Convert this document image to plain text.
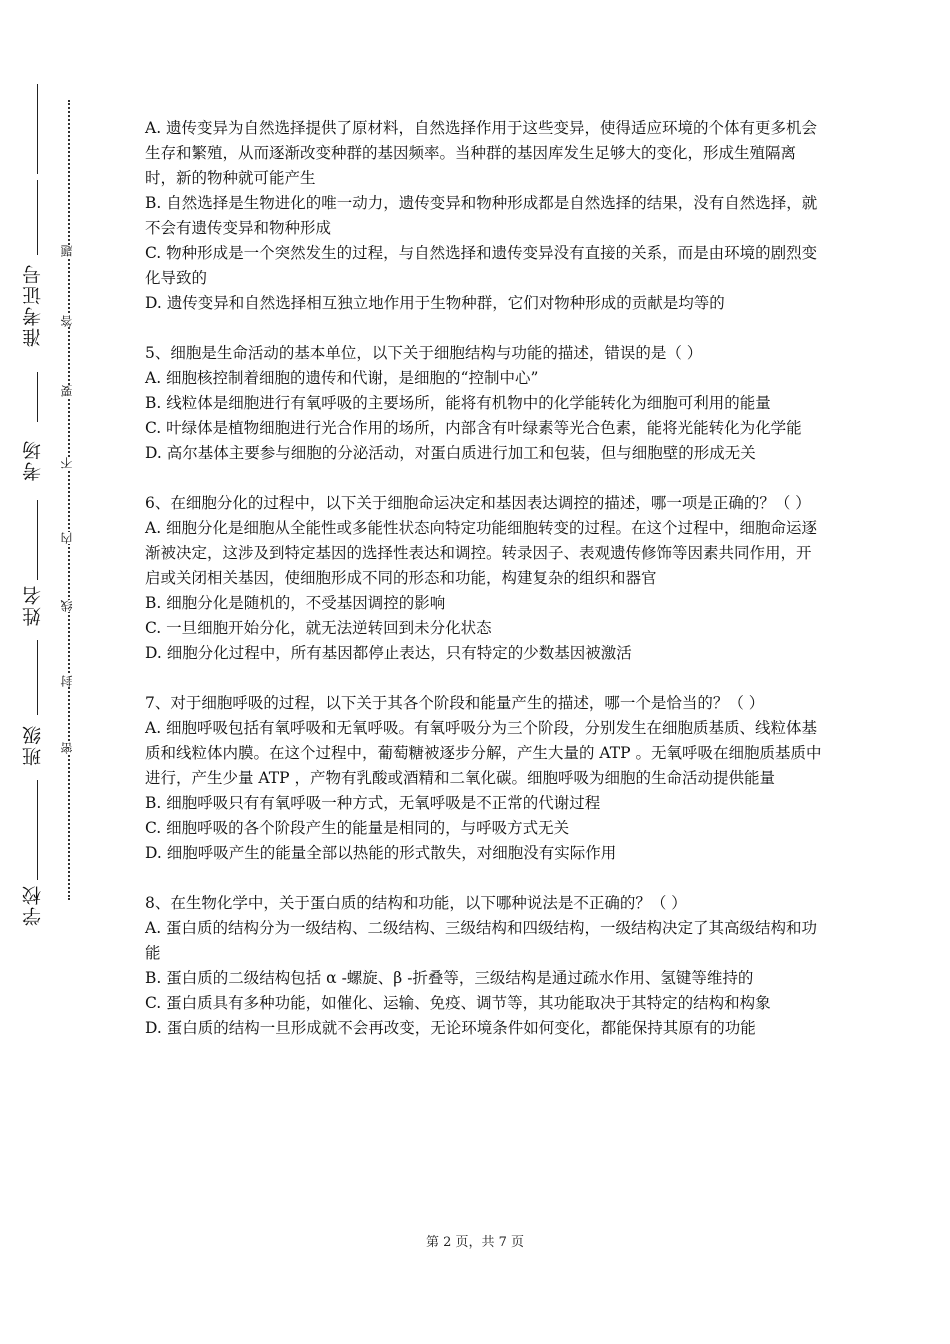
准考证号
考场
姓名
班级
学校
密
封
线
内
不
要
答
题

A. 遗传变异为自然选择提供了原材料，自然选择作用于这些变异，使得适应环境的个体有更多机会生存和繁殖，从而逐渐改变种群的基因频率。当种群的基因库发生足够大的变化，形成生殖隔离时，新的物种就可能产生

B. 自然选择是生物进化的唯一动力，遗传变异和物种形成都是自然选择的结果，没有自然选择，就不会有遗传变异和物种形成

C. 物种形成是一个突然发生的过程，与自然选择和遗传变异没有直接的关系，而是由环境的剧烈变化导致的

D. 遗传变异和自然选择相互独立地作用于生物种群，它们对物种形成的贡献是均等的

5、细胞是生命活动的基本单位，以下关于细胞结构与功能的描述，错误的是（ ）

A. 细胞核控制着细胞的遗传和代谢，是细胞的“控制中心”

B. 线粒体是细胞进行有氧呼吸的主要场所，能将有机物中的化学能转化为细胞可利用的能量

C. 叶绿体是植物细胞进行光合作用的场所，内部含有叶绿素等光合色素，能将光能转化为化学能

D. 高尔基体主要参与细胞的分泌活动，对蛋白质进行加工和包装，但与细胞壁的形成无关

6、在细胞分化的过程中，以下关于细胞命运决定和基因表达调控的描述，哪一项是正确的？（ ）

A. 细胞分化是细胞从全能性或多能性状态向特定功能细胞转变的过程。在这个过程中，细胞命运逐渐被决定，这涉及到特定基因的选择性表达和调控。转录因子、表观遗传修饰等因素共同作用，开启或关闭相关基因，使细胞形成不同的形态和功能，构建复杂的组织和器官

B. 细胞分化是随机的，不受基因调控的影响

C. 一旦细胞开始分化，就无法逆转回到未分化状态

D. 细胞分化过程中，所有基因都停止表达，只有特定的少数基因被激活

7、对于细胞呼吸的过程，以下关于其各个阶段和能量产生的描述，哪一个是恰当的？（ ）

A. 细胞呼吸包括有氧呼吸和无氧呼吸。有氧呼吸分为三个阶段，分别发生在细胞质基质、线粒体基质和线粒体内膜。在这个过程中，葡萄糖被逐步分解，产生大量的 ATP 。无氧呼吸在细胞质基质中进行，产生少量 ATP ，产物有乳酸或酒精和二氧化碳。细胞呼吸为细胞的生命活动提供能量

B. 细胞呼吸只有有氧呼吸一种方式，无氧呼吸是不正常的代谢过程

C. 细胞呼吸的各个阶段产生的能量是相同的，与呼吸方式无关

D. 细胞呼吸产生的能量全部以热能的形式散失，对细胞没有实际作用

8、在生物化学中，关于蛋白质的结构和功能，以下哪种说法是不正确的？（ ）

A. 蛋白质的结构分为一级结构、二级结构、三级结构和四级结构，一级结构决定了其高级结构和功能

B. 蛋白质的二级结构包括 α -螺旋、β -折叠等，三级结构是通过疏水作用、氢键等维持的

C. 蛋白质具有多种功能，如催化、运输、免疫、调节等，其功能取决于其特定的结构和构象

D. 蛋白质的结构一旦形成就不会再改变，无论环境条件如何变化，都能保持其原有的功能

第 2 页，共 7 页
